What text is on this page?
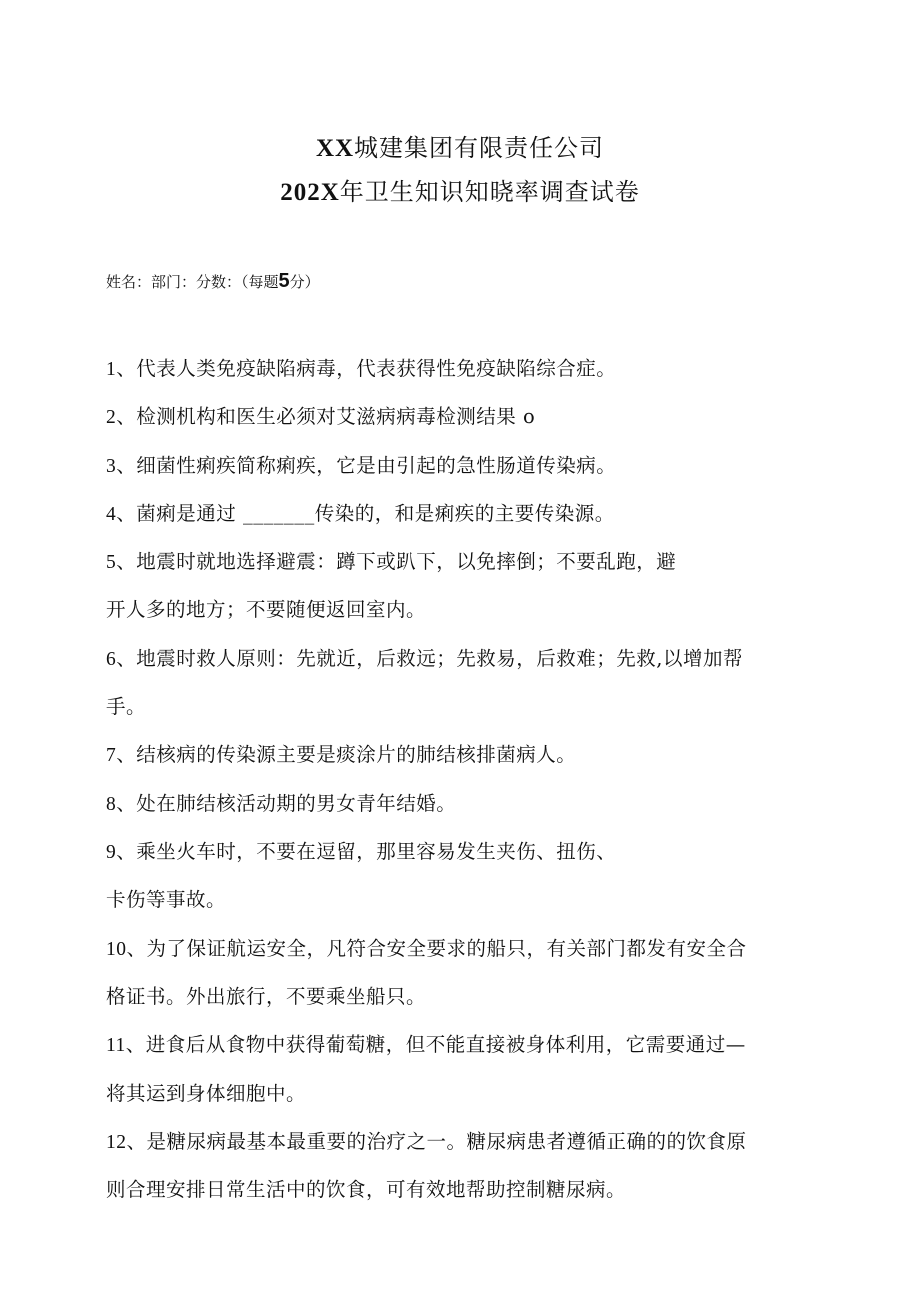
XX城建集团有限责任公司
202X年卫生知识知晓率调查试卷
姓名：部门：分数：（每题5分）
1、代表人类免疫缺陷病毒，代表获得性免疫缺陷综合症。
2、检测机构和医生必须对艾滋病病毒检测结果 o
3、细菌性痢疾简称痢疾，它是由引起的急性肠道传染病。
4、菌痢是通过 _______传染的，和是痢疾的主要传染源。
5、地震时就地选择避震：蹲下或趴下，以免摔倒；不要乱跑，避
开人多的地方；不要随便返回室内。
6、地震时救人原则：先就近，后救远；先救易，后救难；先救,以增加帮
手。
7、结核病的传染源主要是痰涂片的肺结核排菌病人。
8、处在肺结核活动期的男女青年结婚。
9、乘坐火车时，不要在逗留，那里容易发生夹伤、扭伤、
卡伤等事故。
10、为了保证航运安全，凡符合安全要求的船只，有关部门都发有安全合
格证书。外出旅行，不要乘坐船只。
11、进食后从食物中获得葡萄糖，但不能直接被身体利用，它需要通过—
将其运到身体细胞中。
12、是糖尿病最基本最重要的治疗之一。糖尿病患者遵循正确的的饮食原
则合理安排日常生活中的饮食，可有效地帮助控制糖尿病。
